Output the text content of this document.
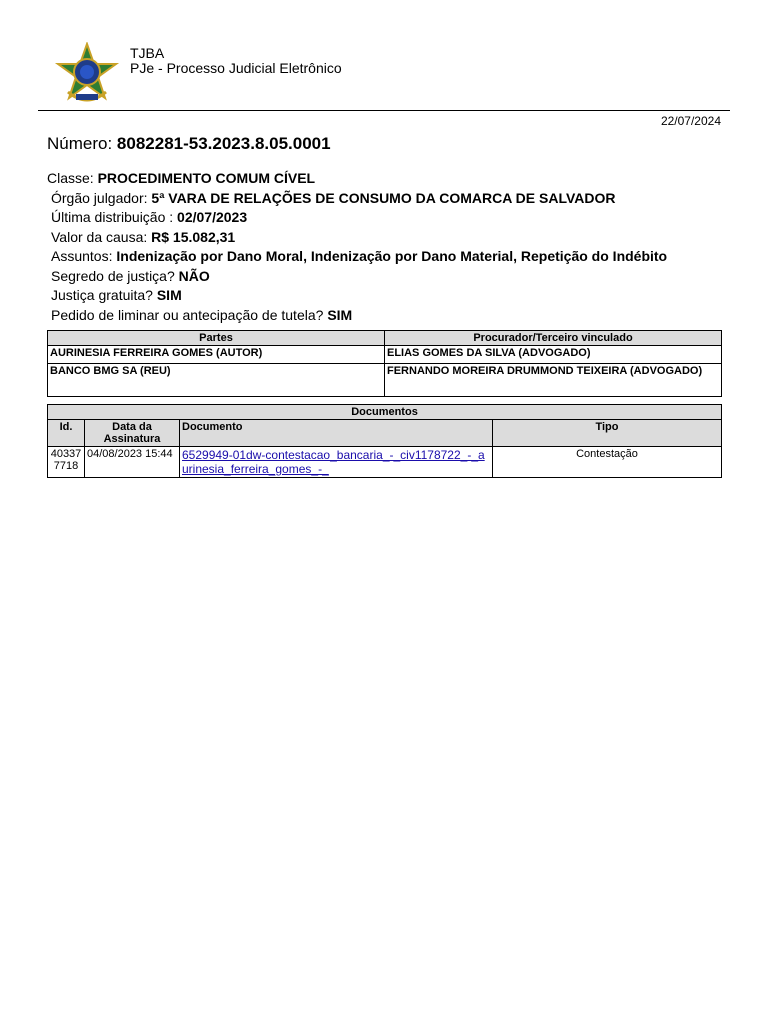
TJBA
PJe - Processo Judicial Eletrônico
22/07/2024
Número: 8082281-53.2023.8.05.0001
Classe: PROCEDIMENTO COMUM CÍVEL
Órgão julgador: 5ª VARA DE RELAÇÕES DE CONSUMO DA COMARCA DE SALVADOR
Última distribuição : 02/07/2023
Valor da causa: R$ 15.082,31
Assuntos: Indenização por Dano Moral, Indenização por Dano Material, Repetição do Indébito
Segredo de justiça? NÃO
Justiça gratuita? SIM
Pedido de liminar ou antecipação de tutela? SIM
Partes	Procurador/Terceiro vinculado
AURINESIA FERREIRA GOMES (AUTOR)	ELIAS GOMES DA SILVA (ADVOGADO)
BANCO BMG SA (REU)	FERNANDO MOREIRA DRUMMOND TEIXEIRA (ADVOGADO)
Documentos			
Id.	Data da Assinatura	Documento	Tipo
40337 7718	04/08/2023 15:44	6529949-01dw-contestacao_bancaria_-_civ1178722_-_aurinesia_ferreira_gomes_-_	Contestação
